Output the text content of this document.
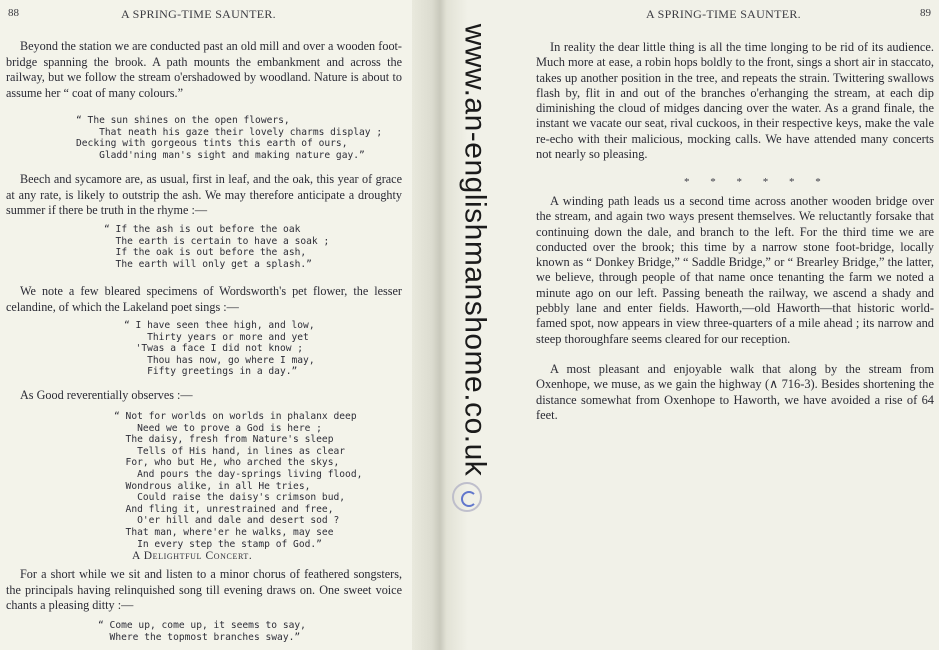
88	A SPRING-TIME SAUNTER.

Beyond the station we are conducted past an old mill and over a wooden foot-bridge spanning the brook. A path mounts the embankment and across the railway, but we follow the stream o'ershadowed by woodland. Nature is about to assume her “ coat of many colours.”

“ The sun shines on the open flowers,
That neath his gaze their lovely charms display ;
Decking with gorgeous tints this earth of ours,
Gladd'ning man's sight and making nature gay.”

Beech and sycamore are, as usual, first in leaf, and the oak, this year of grace at any rate, is likely to outstrip the ash. We may therefore anticipate a droughty summer if there be truth in the rhyme :—

“ If the ash is out before the oak
The earth is certain to have a soak ;
If the oak is out before the ash,
The earth will only get a splash.”

We note a few bleared specimens of Wordsworth's pet flower, the lesser celandine, of which the Lakeland poet sings :—

“ I have seen thee high, and low,
Thirty years or more and yet
'Twas a face I did not know ;
Thou has now, go where I may,
Fifty greetings in a day.”

As Good reverentially observes :—

“ Not for worlds on worlds in phalanx deep
Need we to prove a God is here ;
The daisy, fresh from Nature's sleep
Tells of His hand, in lines as clear
For, who but He, who arched the skys,
And pours the day-springs living flood,
Wondrous alike, in all He tries,
Could raise the daisy's crimson bud,
And fling it, unrestrained and free,
O'er hill and dale and desert sod ?
That man, where'er he walks, may see
In every step the stamp of God.”
A Delightful Concert.

For a short while we sit and listen to a minor chorus of feathered songsters, the principals having relinquished song till evening draws on. One sweet voice chants a pleasing ditty :—

“ Come up, come up, it seems to say,
Where the topmost branches sway.”
A SPRING-TIME SAUNTER.	89

In reality the dear little thing is all the time longing to be rid of its audience. Much more at ease, a robin hops boldly to the front, sings a short air in staccato, takes up another position in the tree, and repeats the strain. Twittering swallows flash by, flit in and out of the branches o'erhanging the stream, at each dip diminishing the cloud of midges dancing over the water. As a grand finale, the instant we vacate our seat, rival cuckoos, in their respective keys, make the vale re-echo with their malicious, mocking calls. We have attended many concerts not nearly so pleasing.

* * * * * *

A winding path leads us a second time across another wooden bridge over the stream, and again two ways present themselves. We reluctantly forsake that continuing down the dale, and branch to the left. For the third time we are conducted over the brook; this time by a narrow stone foot-bridge, locally known as “ Donkey Bridge,” “ Saddle Bridge,” or “ Brearley Bridge,” the latter, we believe, through people of that name once tenanting the farm we noted a minute ago on our left. Passing beneath the railway, we ascend a shady and pebbly lane and enter fields. Haworth,—old Haworth—that historic world-famed spot, now appears in view three-quarters of a mile ahead ; its narrow and steep thoroughfare seems cleared for our reception.

A most pleasant and enjoyable walk that along by the stream from Oxenhope, we muse, as we gain the highway (∧ 716-3). Besides shortening the distance somewhat from Oxenhope to Haworth, we have avoided a rise of 64 feet.

www.an-englishmanshome.co.uk
